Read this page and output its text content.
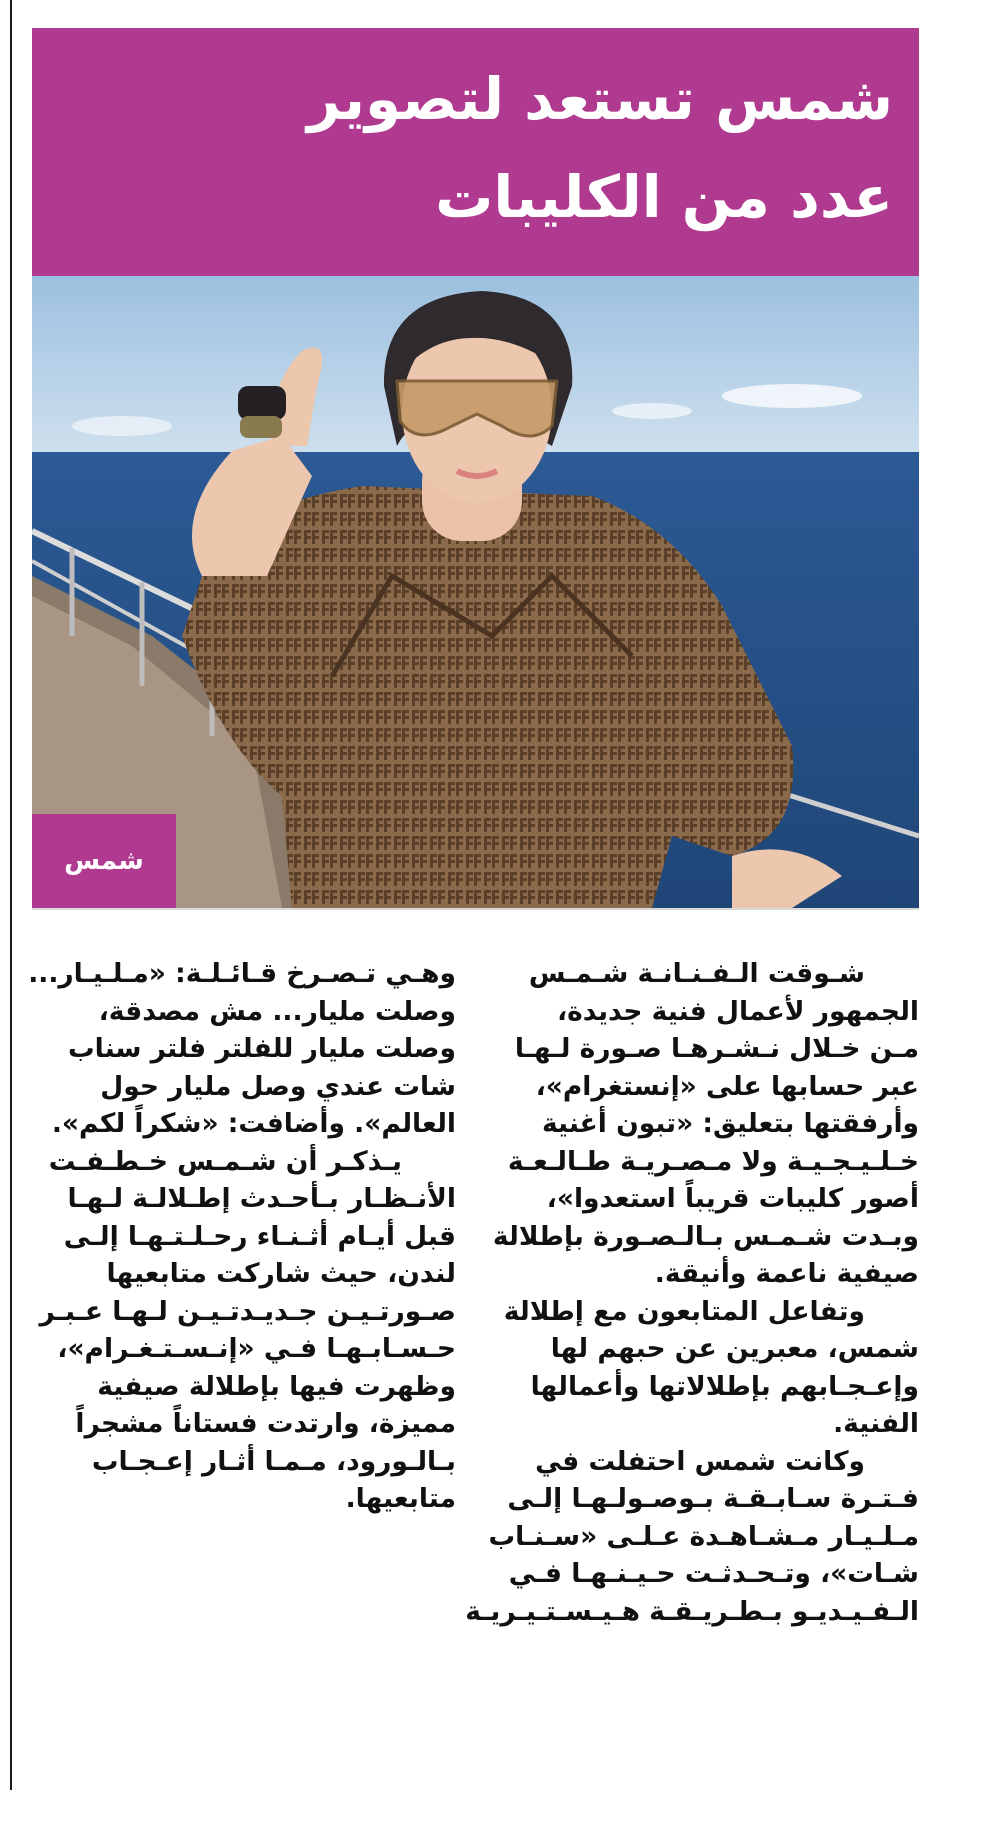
شمس تستعد لتصوير
عدد من الكليبات
شمس
شـوقت الـفـنـانـة شـمـس
الجمهور لأعمال فنية جديدة،
مـن خـلال نـشـرهـا صـورة لـهـا
عبر حسابها على «إنستغرام»،
وأرفقتها بتعليق: «تبون أغنية
خـلـيـجـيـة ولا مـصـريـة طـالـعـة
أصور كليبات قريباً استعدوا»،
وبـدت شـمـس بـالـصـورة بإطلالة
صيفية ناعمة وأنيقة.
وتفاعل المتابعون مع إطلالة
شمس، معبرين عن حبهم لها
وإعـجـابهم بإطلالاتها وأعمالها
الفنية.
وكانت شمس احتفلت في
فـتـرة سـابـقـة بـوصـولـهـا إلـى
مـلـيـار مـشـاهـدة عـلـى «سـنـاب
شـات»، وتـحـدثـت حـيـنـهـا فـي
الـفـيـديـو بـطـريـقـة هـيـسـتـيـريـة
وهـي تـصـرخ قـائـلـة: «مـلـيـار...
وصلت مليار... مش مصدقة،
وصلت مليار للفلتر فلتر سناب
شات عندي وصل مليار حول
العالم». وأضافت: «شكراً لكم».
يـذكـر أن شـمـس خـطـفـت
الأنـظـار بـأحـدث إطـلالـة لـهـا
قبل أيـام أثـنـاء رحـلـتـهـا إلـى
لندن، حيث شاركت متابعيها
صـورتـيـن جـديـدتـيـن لـهـا عـبـر
حـسـابـهـا فـي «إنـسـتـغـرام»،
وظهرت فيها بإطلالة صيفية
مميزة، وارتدت فستاناً مشجراً
بـالـورود، مـمـا أثـار إعـجـاب
متابعيها.
